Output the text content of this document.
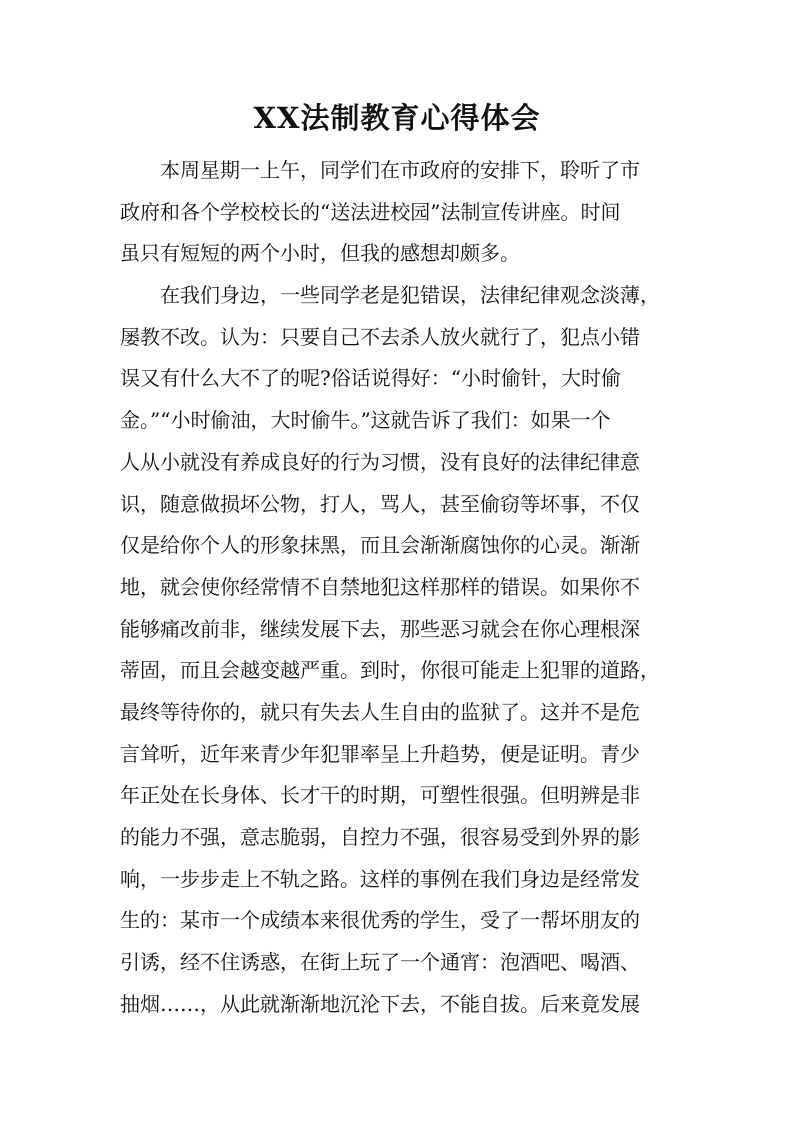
XX法制教育心得体会
本周星期一上午，同学们在市政府的安排下，聆听了市
政府和各个学校校长的“送法进校园”法制宣传讲座。时间
虽只有短短的两个小时，但我的感想却颇多。
在我们身边，一些同学老是犯错误，法律纪律观念淡薄，
屡教不改。认为：只要自己不去杀人放火就行了，犯点小错
误又有什么大不了的呢?俗话说得好：“小时偷针，大时偷
金。”“小时偷油，大时偷牛。”这就告诉了我们：如果一个
人从小就没有养成良好的行为习惯，没有良好的法律纪律意
识，随意做损坏公物，打人，骂人，甚至偷窃等坏事，不仅
仅是给你个人的形象抹黑，而且会渐渐腐蚀你的心灵。渐渐
地，就会使你经常情不自禁地犯这样那样的错误。如果你不
能够痛改前非，继续发展下去，那些恶习就会在你心理根深
蒂固，而且会越变越严重。到时，你很可能走上犯罪的道路，
最终等待你的，就只有失去人生自由的监狱了。这并不是危
言耸听，近年来青少年犯罪率呈上升趋势，便是证明。青少
年正处在长身体、长才干的时期，可塑性很强。但明辨是非
的能力不强，意志脆弱，自控力不强，很容易受到外界的影
响，一步步走上不轨之路。这样的事例在我们身边是经常发
生的：某市一个成绩本来很优秀的学生，受了一帮坏朋友的
引诱，经不住诱惑，在街上玩了一个通宵：泡酒吧、喝酒、
抽烟……，从此就渐渐地沉沦下去，不能自拔。后来竟发展
